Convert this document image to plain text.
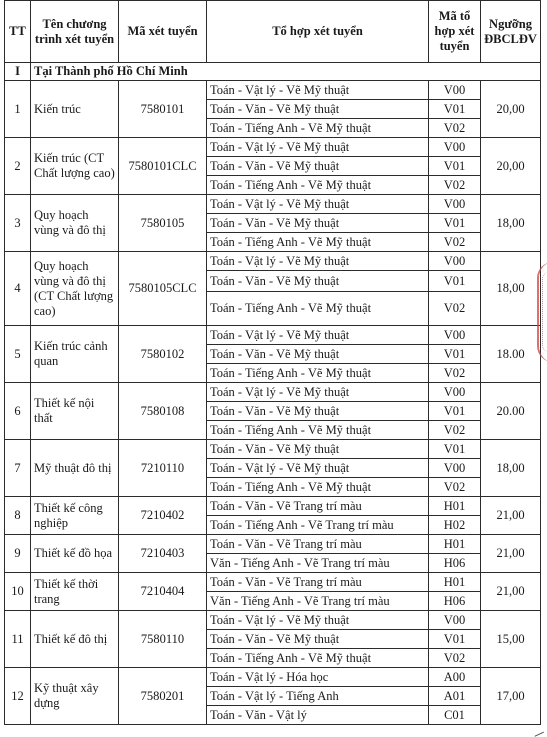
TT	Tên chương trình xét tuyển	Mã xét tuyển	Tổ hợp xét tuyển	Mã tổ hợp xét tuyển	Ngưỡng ĐBCLĐV
I	Tại Thành phố Hồ Chí Minh				
1	Kiến trúc	7580101	Toán - Vật lý - Vẽ Mỹ thuật	V00	20,00
			Toán - Văn - Vẽ Mỹ thuật	V01	
			Toán - Tiếng Anh - Vẽ Mỹ thuật	V02	
2	Kiến trúc (CT Chất lượng cao)	7580101CLC	Toán - Vật lý - Vẽ Mỹ thuật	V00	20,00
			Toán - Văn - Vẽ Mỹ thuật	V01	
			Toán - Tiếng Anh - Vẽ Mỹ thuật	V02	
3	Quy hoạch vùng và đô thị	7580105	Toán - Vật lý - Vẽ Mỹ thuật	V00	18,00
			Toán - Văn - Vẽ Mỹ thuật	V01	
			Toán - Tiếng Anh - Vẽ Mỹ thuật	V02	
4	Quy hoạch vùng và đô thị (CT Chất lượng cao)	7580105CLC	Toán - Vật lý - Vẽ Mỹ thuật	V00	18,00
			Toán - Văn - Vẽ Mỹ thuật	V01	
			Toán - Tiếng Anh - Vẽ Mỹ thuật	V02	
5	Kiến trúc cảnh quan	7580102	Toán - Vật lý - Vẽ Mỹ thuật	V00	18.00
			Toán - Văn - Vẽ Mỹ thuật	V01	
			Toán - Tiếng Anh - Vẽ Mỹ thuật	V02	
6	Thiết kế nội thất	7580108	Toán - Vật lý - Vẽ Mỹ thuật	V00	20.00
			Toán - Văn - Vẽ Mỹ thuật	V01	
			Toán - Tiếng Anh - Vẽ Mỹ thuật	V02	
7	Mỹ thuật đô thị	7210110	Toán - Văn - Vẽ Mỹ thuật	V01	18,00
			Toán - Vật lý - Vẽ Mỹ thuật	V00	
			Toán - Tiếng Anh - Vẽ Mỹ thuật	V02	
8	Thiết kế công nghiệp	7210402	Toán - Văn - Vẽ Trang trí màu	H01	21,00
			Toán - Tiếng Anh - Vẽ Trang trí màu	H02	
9	Thiết kế đồ họa	7210403	Toán - Văn - Vẽ Trang trí màu	H01	21,00
			Văn - Tiếng Anh - Vẽ Trang trí màu	H06	
10	Thiết kế thời trang	7210404	Toán - Văn - Vẽ Trang trí màu	H01	21,00
			Văn - Tiếng Anh - Vẽ Trang trí màu	H06	
11	Thiết kế đô thị	7580110	Toán - Vật lý - Vẽ Mỹ thuật	V00	15,00
			Toán - Văn - Vẽ Mỹ thuật	V01	
			Toán - Tiếng Anh - Vẽ Mỹ thuật	V02	
12	Kỹ thuật xây dựng	7580201	Toán - Vật lý - Hóa học	A00	17,00
			Toán - Vật lý - Tiếng Anh	A01	
			Toán - Văn - Vật lý	C01	
